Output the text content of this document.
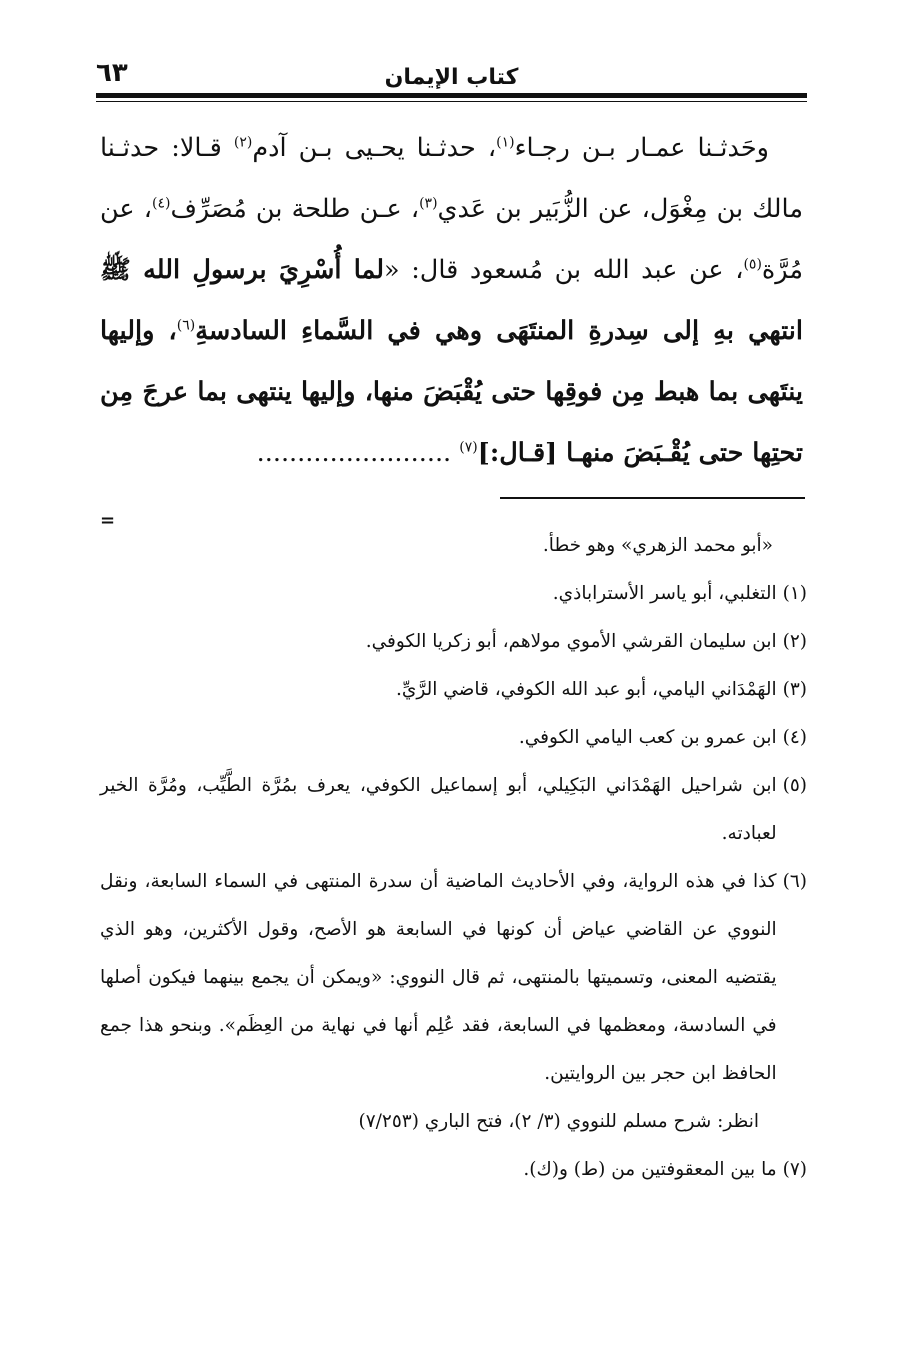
كتاب الإيمان
٦٣

وحَدثـنا عمـار بـن رجـاء$^{(١)}$، حدثـنا يحـيى بـن آدم$^{(٢)}$ قـالا: حدثـنا مالك بن مِغْوَل، عن الزُّبَير بن عَدي$^{(٣)}$، عـن طلحة بن مُصَرِّف$^{(٤)}$، عن مُرَّة$^{(٥)}$، عن عبد الله بن مُسعود قال: «لما أُسْرِيَ برسولِ الله ﷺ انتهي بهِ إلى سِدرةِ المنتَهَى وهي في السَّماءِ السادسةِ$^{(٦)}$، وإليها ينتَهى بما هبط مِن فوقِها حتى يُقْبَضَ منها، وإليها ينتهى بما عرجَ مِن تحتِها حتى يُقْـبَضَ منهـا [قـال:]$^{(٧)}$ ........................

=
«أبو محمد الزهري» وهو خطأ.
(١)
التغلبي، أبو ياسر الأستراباذي.
(٢)
ابن سليمان القرشي الأموي مولاهم، أبو زكريا الكوفي.
(٣)
الهَمْدَاني اليامي، أبو عبد الله الكوفي، قاضي الرَّيِّ.
(٤)
ابن عمرو بن كعب اليامي الكوفي.
(٥)
ابن شراحيل الهَمْدَاني البَكِيلي، أبو إسماعيل الكوفي، يعرف بمُرَّة الطَّيِّب، ومُرَّة الخير لعبادته.
(٦)
كذا في هذه الرواية، وفي الأحاديث الماضية أن سدرة المنتهى في السماء السابعة، ونقل النووي عن القاضي عياض أن كونها في السابعة هو الأصح، وقول الأكثرين، وهو الذي يقتضيه المعنى، وتسميتها بالمنتهى، ثم قال النووي: «ويمكن أن يجمع بينهما فيكون أصلها في السادسة، ومعظمها في السابعة، فقد عُلِم أنها في نهاية من العِظَم». وبنحو هذا جمع الحافظ ابن حجر بين الروايتين.
انظر: شرح مسلم للنووي (٣/ ٢)، فتح الباري (٧/٢٥٣)
(٧)
ما بين المعقوفتين من (ط) و(ك).
